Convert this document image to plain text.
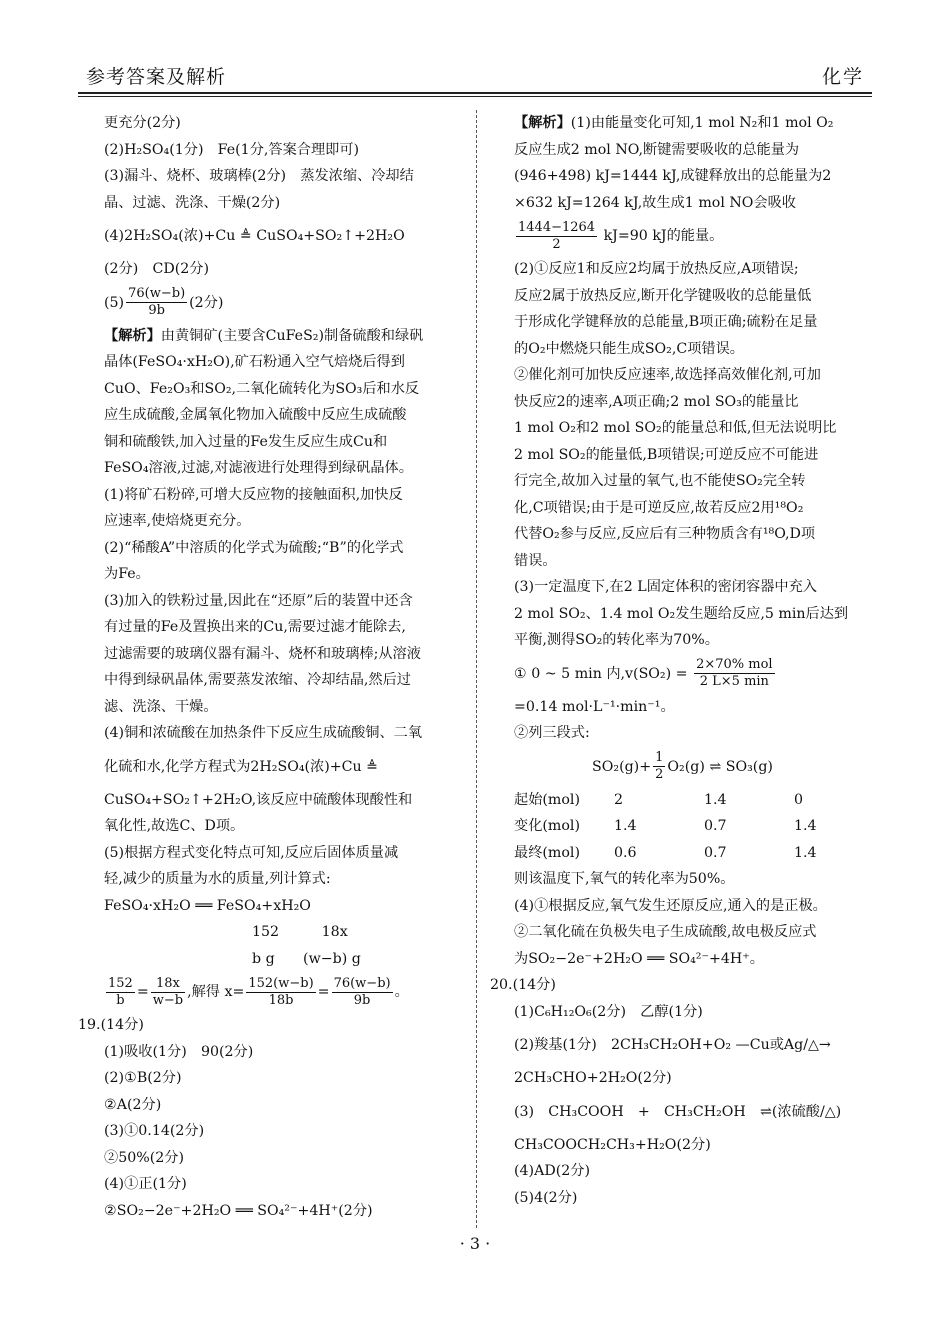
参考答案及解析	化学
更充分(2分)
(2)H₂SO₄(1分)　Fe(1分,答案合理即可)
(3)漏斗、烧杯、玻璃棒(2分)　蒸发浓缩、冷却结
晶、过滤、洗涤、干燥(2分)
(4)2H₂SO₄(浓)+Cu ≜ CuSO₄+SO₂↑+2H₂O
(2分)　CD(2分)
$(5) \frac{76(w-b)}{9b} (2$分)
【解析】由黄铜矿(主要含CuFeS₂)制备硫酸和绿矾
晶体(FeSO₄·xH₂O),矿石粉通入空气焙烧后得到
CuO、Fe₂O₃和SO₂,二氧化硫转化为SO₃后和水反
应生成硫酸,金属氧化物加入硫酸中反应生成硫酸
铜和硫酸铁,加入过量的Fe发生反应生成Cu和
FeSO₄溶液,过滤,对滤液进行处理得到绿矾晶体。
(1)将矿石粉碎,可增大反应物的接触面积,加快反
应速率,使焙烧更充分。
(2)“稀酸A”中溶质的化学式为硫酸;“B”的化学式
为Fe。
(3)加入的铁粉过量,因此在“还原”后的装置中还含
有过量的Fe及置换出来的Cu,需要过滤才能除去,
过滤需要的玻璃仪器有漏斗、烧杯和玻璃棒;从溶液
中得到绿矾晶体,需要蒸发浓缩、冷却结晶,然后过
滤、洗涤、干燥。
(4)铜和浓硫酸在加热条件下反应生成硫酸铜、二氧
化硫和水,化学方程式为2H₂SO₄(浓)+Cu ≜
CuSO₄+SO₂↑+2H₂O,该反应中硫酸体现酸性和
氧化性,故选C、D项。
(5)根据方程式变化特点可知,反应后固体质量减
轻,减少的质量为水的质量,列计算式:
FeSO₄·xH₂O ══ FeSO₄+xH₂O
152　　　18x
b g　　(w−b) g
$\frac{152}{b} = \frac{18x}{w-b}$ ,解得 $x= \frac{152(w-b)}{18b} = \frac{76(w-b)}{9b}$ 。
19.(14分)
(1)吸收(1分)　90(2分)
(2)①B(2分)
②A(2分)
(3)①0.14(2分)
②50%(2分)
(4)①正(1分)
②SO₂−2e⁻+2H₂O ══ SO₄²⁻+4H⁺(2分)
【解析】(1)由能量变化可知,1 mol N₂和1 mol O₂
反应生成2 mol NO,断键需要吸收的总能量为
(946+498) kJ=1444 kJ,成键释放出的总能量为2
×632 kJ=1264 kJ,故生成1 mol NO会吸收
$\frac{1444-1264}{2} kJ=90$ kJ的能量。
(2)①反应1和反应2均属于放热反应,A项错误;
反应2属于放热反应,断开化学键吸收的总能量低
于形成化学键释放的总能量,B项正确;硫粉在足量
的O₂中燃烧只能生成SO₂,C项错误。
②催化剂可加快反应速率,故选择高效催化剂,可加
快反应2的速率,A项正确;2 mol SO₃的能量比
1 mol O₂和2 mol SO₂的能量总和低,但无法说明比
2 mol SO₂的能量低,B项错误;可逆反应不可能进
行完全,故加入过量的氧气,也不能使SO₂完全转
化,C项错误;由于是可逆反应,故若反应2用¹⁸O₂
代替O₂参与反应,反应后有三种物质含有¹⁸O,D项
错误。
(3)一定温度下,在2 L固定体积的密闭容器中充入
2 mol SO₂、1.4 mol O₂发生题给反应,5 min后达到
平衡,测得SO₂的转化率为70%。
① 0 ~ 5 min 内$,v(SO_2) = \frac{\text{2×70\% mol}}{2 L\times 5 \min}$
=0.14 mol·L⁻¹·min⁻¹。
②列三段式:
$SO_2(g)+ \frac{1}{2} O_2(g)$ ⇌ SO₃(g)
起始(mol) 2	1.4	0
变化(mol) 1.4	0.7	1.4
最终(mol) 0.6	0.7	1.4
则该温度下,氧气的转化率为50%。
(4)①根据反应,氧气发生还原反应,通入的是正极。
②二氧化硫在负极失电子生成硫酸,故电极反应式
为SO₂−2e⁻+2H₂O ══ SO₄²⁻+4H⁺。
20.(14分)
(1)C₆H₁₂O₆(2分)　乙醇(1分)
(2)羧基(1分)　2CH₃CH₂OH+O₂ —Cu或Ag/△→
2CH₃CHO+2H₂O(2分)
(3)　CH₃COOH　+　CH₃CH₂OH　⇌(浓硫酸/△)
CH₃COOCH₂CH₃+H₂O(2分)
(4)AD(2分)
(5)4(2分)
· 3 ·
